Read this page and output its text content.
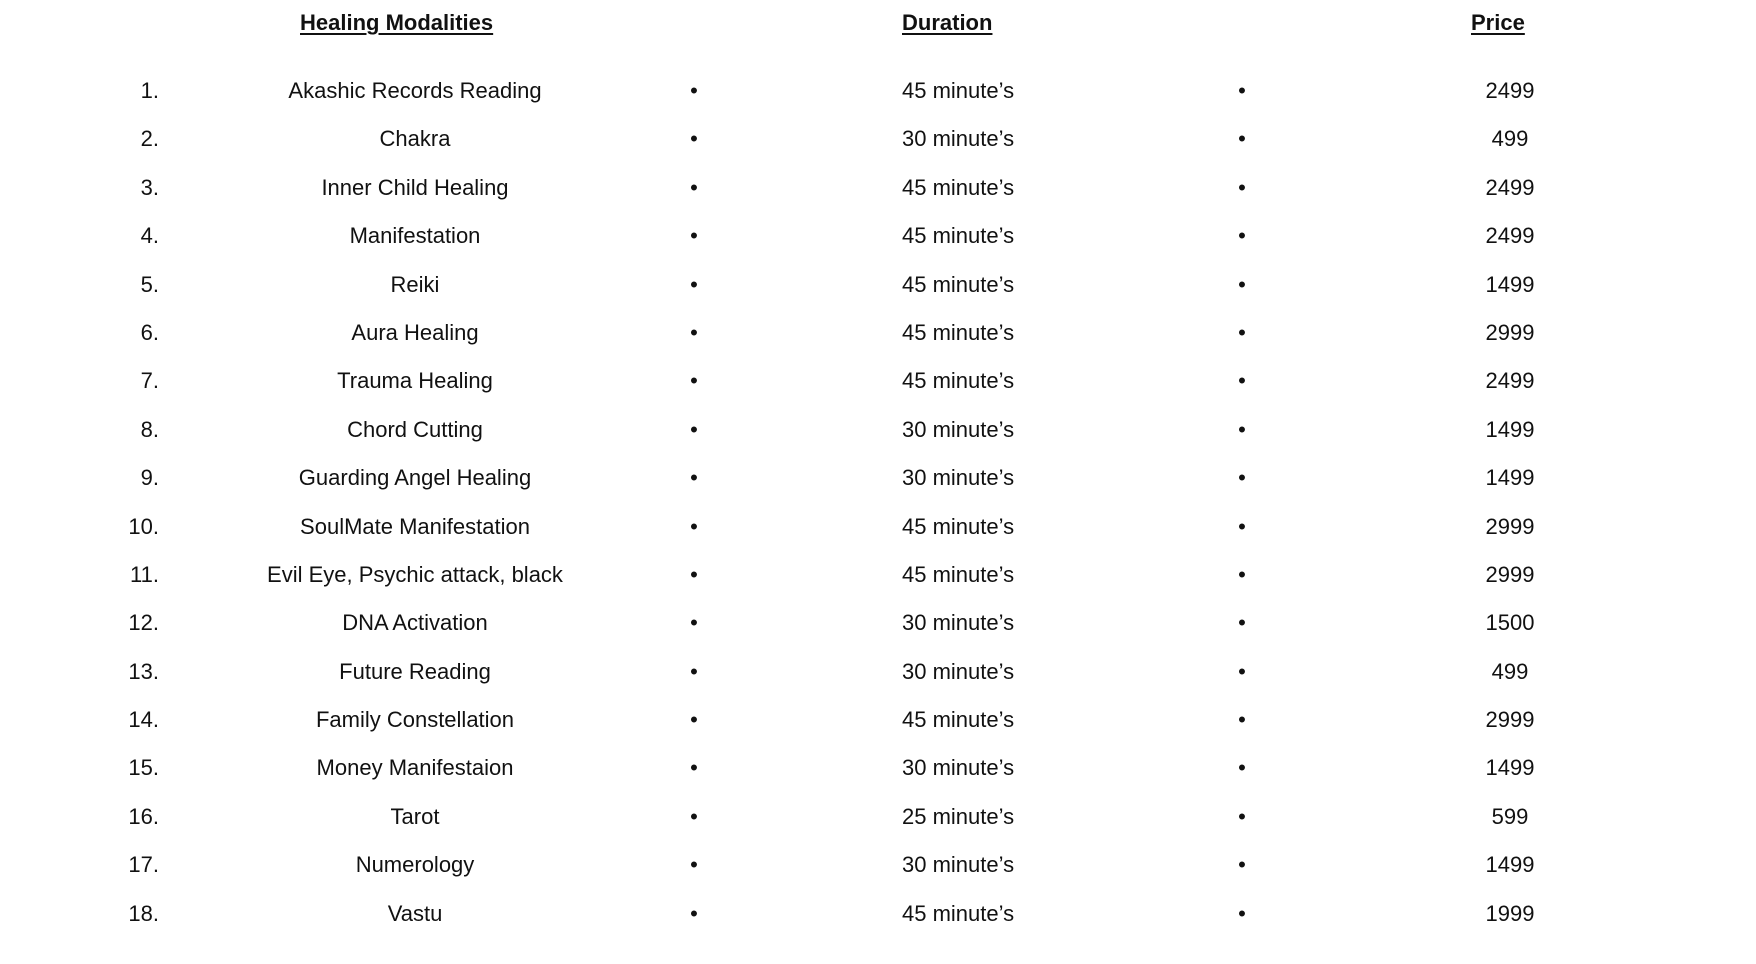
Healing Modalities	Duration	Price
1.	Akashic Records Reading	•	45 minute’s	•	2499
2.	Chakra	•	30 minute’s	•	499
3.	Inner Child Healing	•	45 minute’s	•	2499
4.	Manifestation	•	45 minute’s	•	2499
5.	Reiki	•	45 minute’s	•	1499
6.	Aura Healing	•	45 minute’s	•	2999
7.	Trauma Healing	•	45 minute’s	•	2499
8.	Chord Cutting	•	30 minute’s	•	1499
9.	Guarding Angel Healing	•	30 minute’s	•	1499
10.	SoulMate Manifestation	•	45 minute’s	•	2999
11.	Evil Eye, Psychic attack, black	•	45 minute’s	•	2999
12.	DNA Activation	•	30 minute’s	•	1500
13.	Future Reading	•	30 minute’s	•	499
14.	Family Constellation	•	45 minute’s	•	2999
15.	Money Manifestaion	•	30 minute’s	•	1499
16.	Tarot	•	25 minute’s	•	599
17.	Numerology	•	30 minute’s	•	1499
18.	Vastu	•	45 minute’s	•	1999
